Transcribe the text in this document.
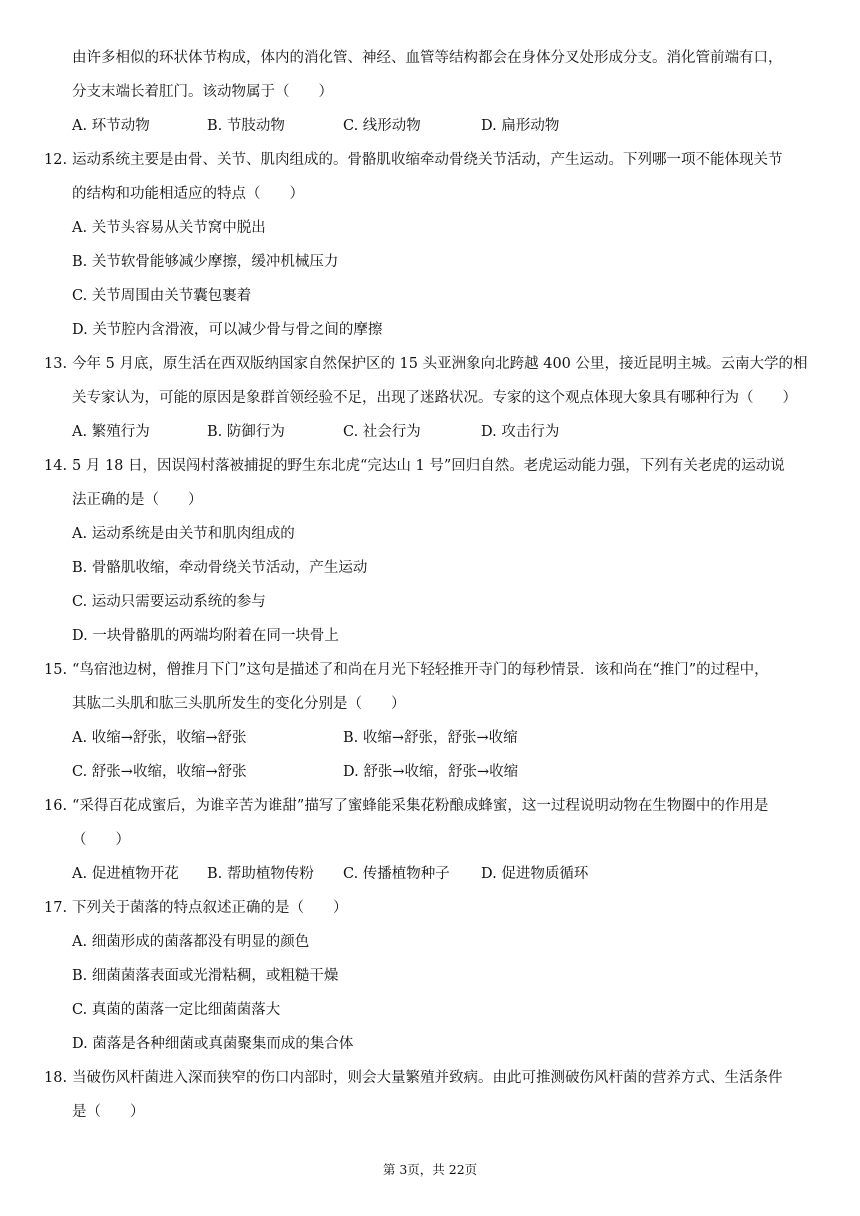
由许多相似的环状体节构成，体内的消化管、神经、血管等结构都会在身体分叉处形成分支。消化管前端有口，
分支末端长着肛门。该动物属于（　　）
A. 环节动物	B. 节肢动物	C. 线形动物	D. 扁形动物
12. 运动系统主要是由骨、关节、肌肉组成的。骨骼肌收缩牵动骨绕关节活动，产生运动。下列哪一项不能体现关节
的结构和功能相适应的特点（　　）
A. 关节头容易从关节窝中脱出
B. 关节软骨能够减少摩擦，缓冲机械压力
C. 关节周围由关节囊包裹着
D. 关节腔内含滑液，可以减少骨与骨之间的摩擦
13. 今年 5 月底，原生活在西双版纳国家自然保护区的 15 头亚洲象向北跨越 400 公里，接近昆明主城。云南大学的相
关专家认为，可能的原因是象群首领经验不足，出现了迷路状况。专家的这个观点体现大象具有哪种行为（　　）
A. 繁殖行为	B. 防御行为	C. 社会行为	D. 攻击行为
14. 5 月 18 日，因误闯村落被捕捉的野生东北虎“完达山 1 号”回归自然。老虎运动能力强，下列有关老虎的运动说
法正确的是（　　）
A. 运动系统是由关节和肌肉组成的
B. 骨骼肌收缩，牵动骨绕关节活动，产生运动
C. 运动只需要运动系统的参与
D. 一块骨骼肌的两端均附着在同一块骨上
15. “鸟宿池边树，僧推月下门”这句是描述了和尚在月光下轻轻推开寺门的每秒情景．该和尚在“推门”的过程中，
其肱二头肌和肱三头肌所发生的变化分别是（　　）
A. 收缩→舒张，收缩→舒张	B. 收缩→舒张，舒张→收缩
C. 舒张→收缩，收缩→舒张	D. 舒张→收缩，舒张→收缩
16. “采得百花成蜜后，为谁辛苦为谁甜”描写了蜜蜂能采集花粉酿成蜂蜜，这一过程说明动物在生物圈中的作用是
（　　）
A. 促进植物开花 B. 帮助植物传粉 C. 传播植物种子 D. 促进物质循环
17. 下列关于菌落的特点叙述正确的是（　　）
A. 细菌形成的菌落都没有明显的颜色
B. 细菌菌落表面或光滑粘稠，或粗糙干燥
C. 真菌的菌落一定比细菌菌落大
D. 菌落是各种细菌或真菌聚集而成的集合体
18. 当破伤风杆菌进入深而狭窄的伤口内部时，则会大量繁殖并致病。由此可推测破伤风杆菌的营养方式、生活条件
是（　　）
第 3页，共 22页
